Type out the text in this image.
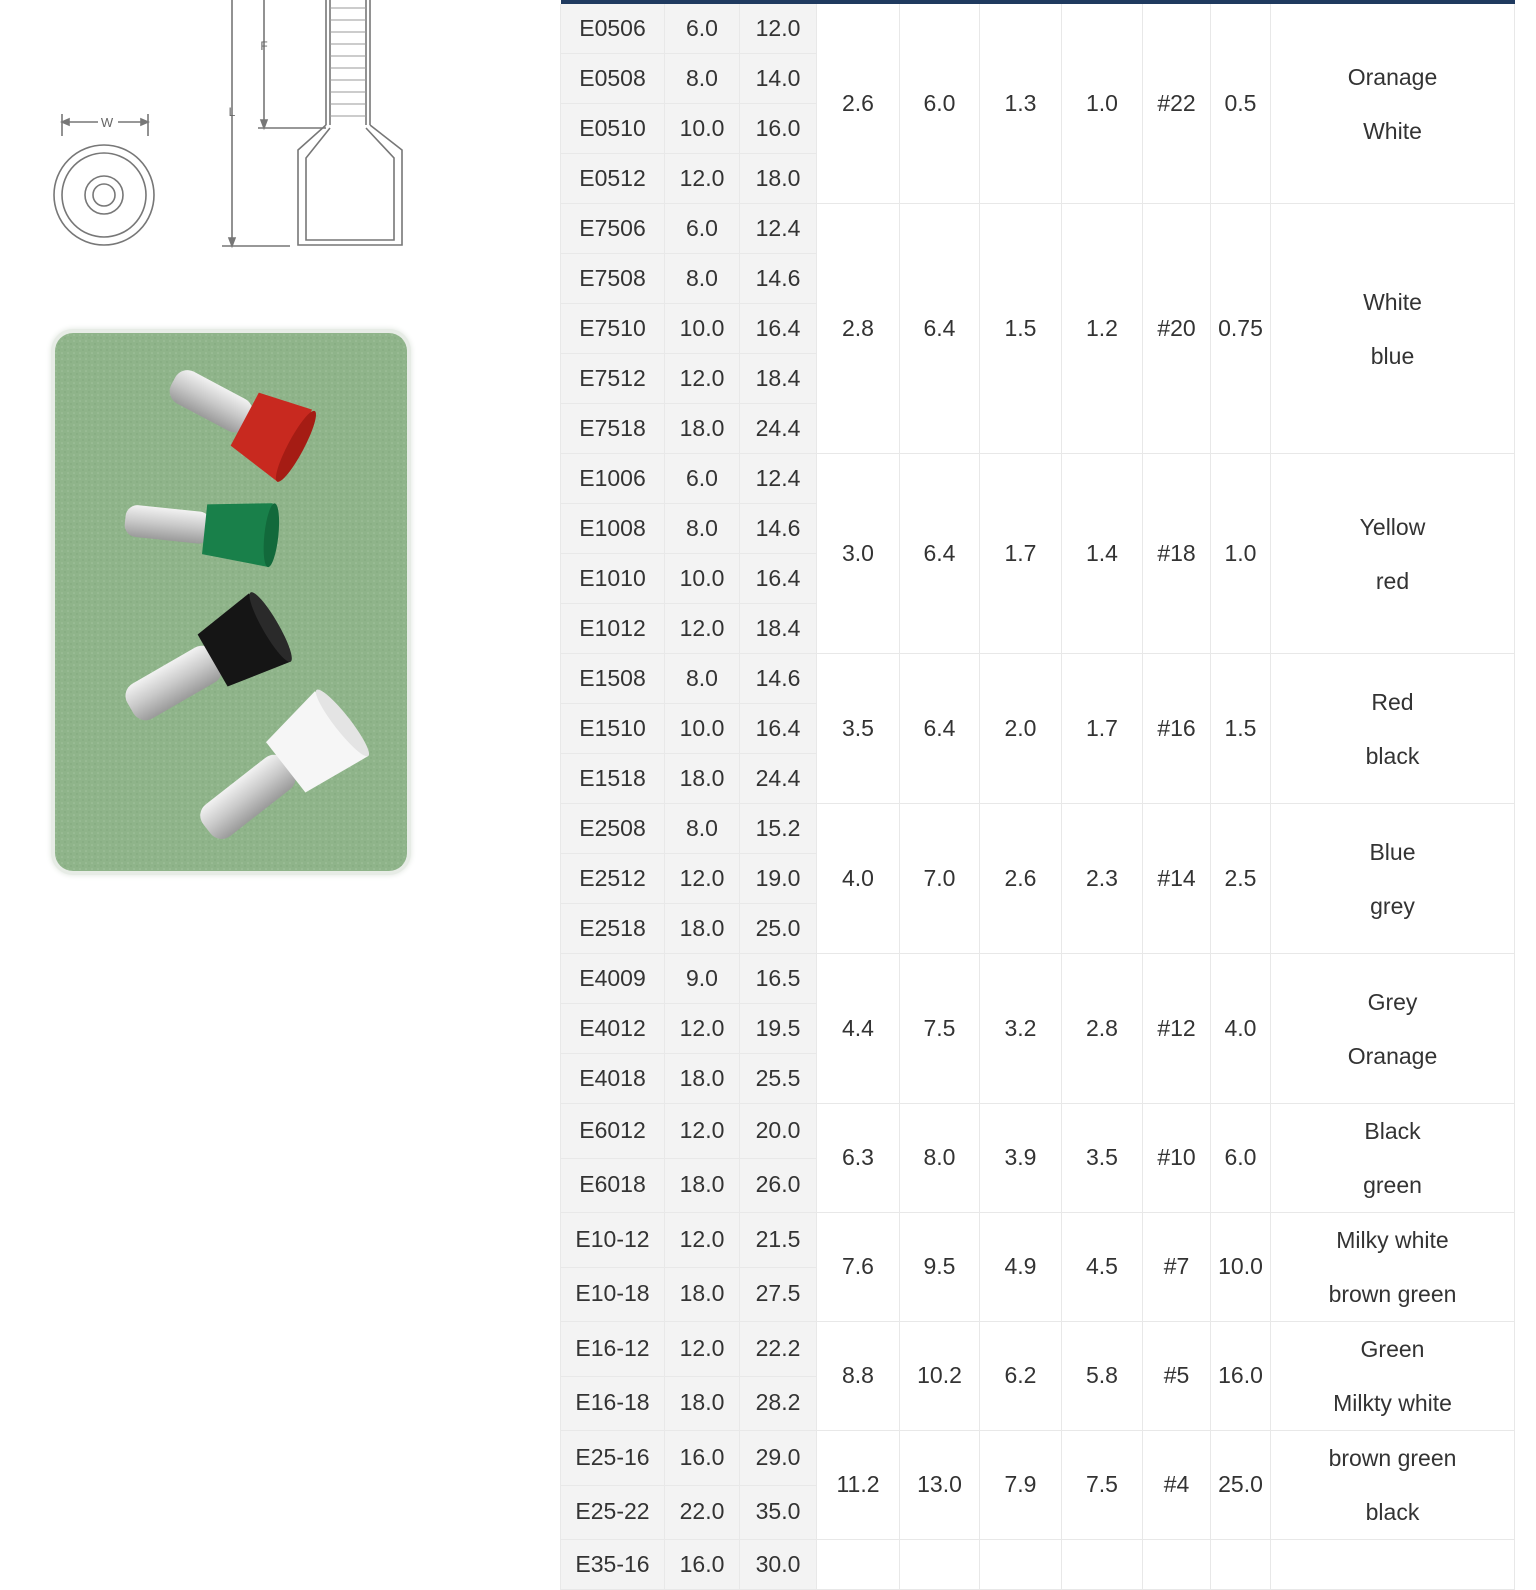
W
F
L

E0506	6.0	12.0	2.6	6.0	1.3	1.0	#22	0.5	Oranage
White

E0508	8.0	14.0							
E0510	10.0	16.0							
E0512	12.0	18.0							
E7506	6.0	12.4	2.8	6.4	1.5	1.2	#20	0.75	White
blue

E7508	8.0	14.6							
E7510	10.0	16.4							
E7512	12.0	18.4							
E7518	18.0	24.4							
E1006	6.0	12.4	3.0	6.4	1.7	1.4	#18	1.0	Yellow
red

E1008	8.0	14.6							
E1010	10.0	16.4							
E1012	12.0	18.4							
E1508	8.0	14.6	3.5	6.4	2.0	1.7	#16	1.5	Red
black

E1510	10.0	16.4							
E1518	18.0	24.4							
E2508	8.0	15.2	4.0	7.0	2.6	2.3	#14	2.5	Blue
grey

E2512	12.0	19.0							
E2518	18.0	25.0							
E4009	9.0	16.5	4.4	7.5	3.2	2.8	#12	4.0	Grey
Oranage

E4012	12.0	19.5							
E4018	18.0	25.5							
E6012	12.0	20.0	6.3	8.0	3.9	3.5	#10	6.0	Black
green

E6018	18.0	26.0							
E10-12	12.0	21.5	7.6	9.5	4.9	4.5	#7	10.0	Milky white
brown green

E10-18	18.0	27.5							
E16-12	12.0	22.2	8.8	10.2	6.2	5.8	#5	16.0	Green
Milkty white

E16-18	18.0	28.2							
E25-16	16.0	29.0	11.2	13.0	7.9	7.5	#4	25.0	brown green
black

E25-22	22.0	35.0							
E35-16	16.0	30.0							
